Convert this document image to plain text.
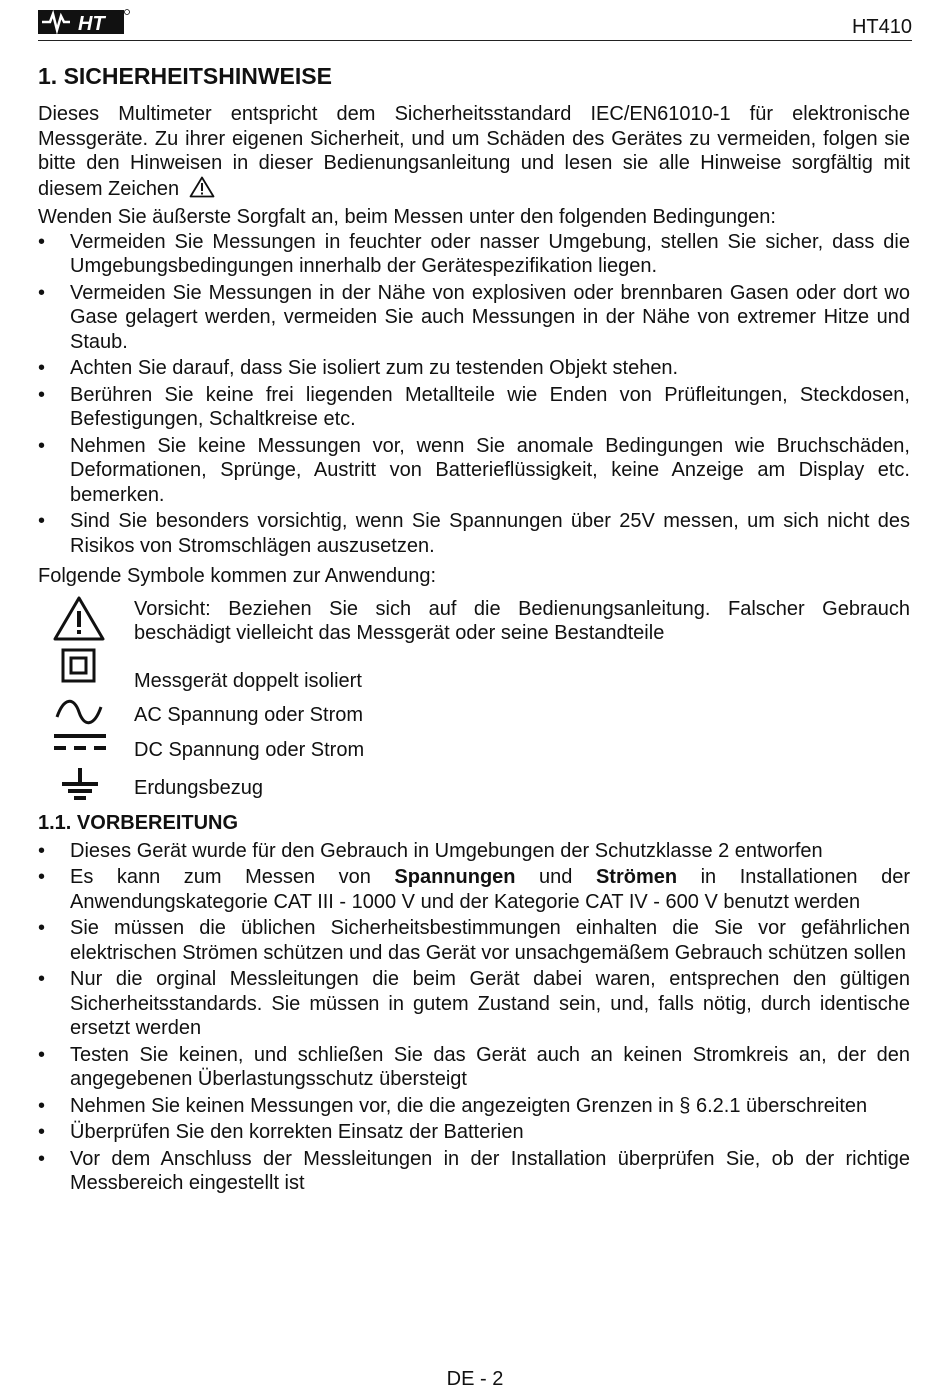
HT	HT410
1. SICHERHEITSHINWEISE

Dieses Multimeter entspricht dem Sicherheitsstandard IEC/EN61010-1 für elektronische Messgeräte. Zu ihrer eigenen Sicherheit, und um Schäden des Gerätes zu vermeiden, folgen sie bitte den Hinweisen in dieser Bedienungsanleitung und lesen sie alle Hinweise sorgfältig mit diesem Zeichen

Wenden Sie äußerste Sorgfalt an, beim Messen unter den folgenden Bedingungen:

• Vermeiden Sie Messungen in feuchter oder nasser Umgebung, stellen Sie sicher, dass die Umgebungsbedingungen innerhalb der Gerätespezifikation liegen.
• Vermeiden Sie Messungen in der Nähe von explosiven oder brennbaren Gasen oder dort wo Gase gelagert werden, vermeiden Sie auch Messungen in der Nähe von extremer Hitze und Staub.
• Achten Sie darauf, dass Sie isoliert zum zu testenden Objekt stehen.
• Berühren Sie keine frei liegenden Metallteile wie Enden von Prüfleitungen, Steckdosen, Befestigungen, Schaltkreise etc.
• Nehmen Sie keine Messungen vor, wenn Sie anomale Bedingungen wie Bruchschäden, Deformationen, Sprünge, Austritt von Batterieflüssigkeit, keine Anzeige am Display etc. bemerken.
• Sind Sie besonders vorsichtig, wenn Sie Spannungen über 25V messen, um sich nicht des Risikos von Stromschlägen auszusetzen.

Folgende Symbole kommen zur Anwendung:

Vorsicht: Beziehen Sie sich auf die Bedienungsanleitung. Falscher Gebrauch beschädigt vielleicht das Messgerät oder seine Bestandteile

Messgerät doppelt isoliert

AC Spannung oder Strom

DC Spannung oder Strom

Erdungsbezug

1.1. VORBEREITUNG
• Dieses Gerät wurde für den Gebrauch in Umgebungen der Schutzklasse 2 entworfen
• Es kann zum Messen von Spannungen und Strömen in Installationen der Anwendungskategorie CAT III - 1000 V und der Kategorie CAT IV - 600 V benutzt werden
• Sie müssen die üblichen Sicherheitsbestimmungen einhalten die Sie vor gefährlichen elektrischen Strömen schützen und das Gerät vor unsachgemäßem Gebrauch schützen sollen
• Nur die orginal Messleitungen die beim Gerät dabei waren, entsprechen den gültigen Sicherheitsstandards. Sie müssen in gutem Zustand sein, und, falls nötig, durch identische ersetzt werden
• Testen Sie keinen, und schließen Sie das Gerät auch an keinen Stromkreis an, der den angegebenen Überlastungsschutz übersteigt
• Nehmen Sie keinen Messungen vor, die die angezeigten Grenzen in § 6.2.1 überschreiten
• Überprüfen Sie den korrekten Einsatz der Batterien
• Vor dem Anschluss der Messleitungen in der Installation überprüfen Sie, ob der richtige Messbereich eingestellt ist
DE - 2
